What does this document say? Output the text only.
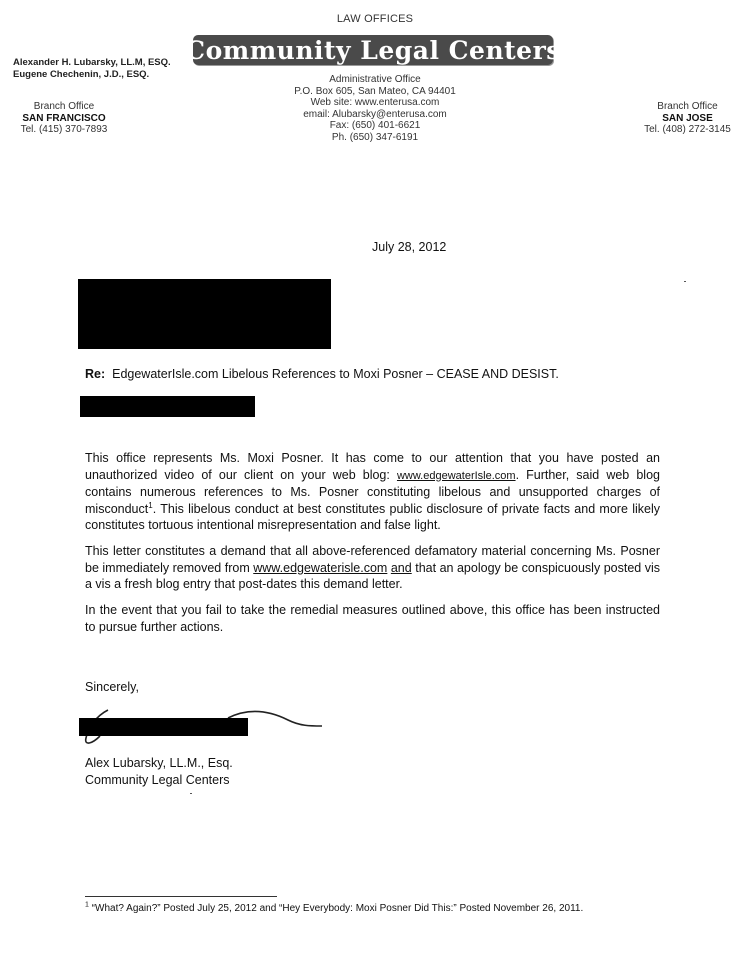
LAW OFFICES
Community Legal Centers
Alexander H. Lubarsky, LL.M, ESQ.
Eugene Chechenin, J.D., ESQ.
Branch Office
SAN FRANCISCO
Tel. (415) 370-7893
Administrative Office
P.O. Box 605, San Mateo, CA 94401
Web site: www.enterusa.com
email: Alubarsky@enterusa.com
Fax: (650) 401-6621
Ph. (650) 347-6191
Branch Office
SAN JOSE
Tel. (408) 272-3145
July 28, 2012
Re: EdgewaterIsle.com Libelous References to Moxi Posner – CEASE AND DESIST.
This office represents Ms. Moxi Posner. It has come to our attention that you have posted an unauthorized video of our client on your web blog: www.edgewaterIsle.com. Further, said web blog contains numerous references to Ms. Posner constituting libelous and unsupported charges of misconduct$^1$. This libelous conduct at best constitutes public disclosure of private facts and more likely constitutes tortuous intentional misrepresentation and false light.
This letter constitutes a demand that all above-referenced defamatory material concerning Ms. Posner be immediately removed from www.edgewaterisle.com and that an apology be conspicuously posted vis a vis a fresh blog entry that post-dates this demand letter.
In the event that you fail to take the remedial measures outlined above, this office has been instructed to pursue further actions.
Sincerely,
Alex Lubarsky, LL.M., Esq.
Community Legal Centers
$^1$ “What? Again?” Posted July 25, 2012 and “Hey Everybody: Moxi Posner Did This:” Posted November 26, 2011.
